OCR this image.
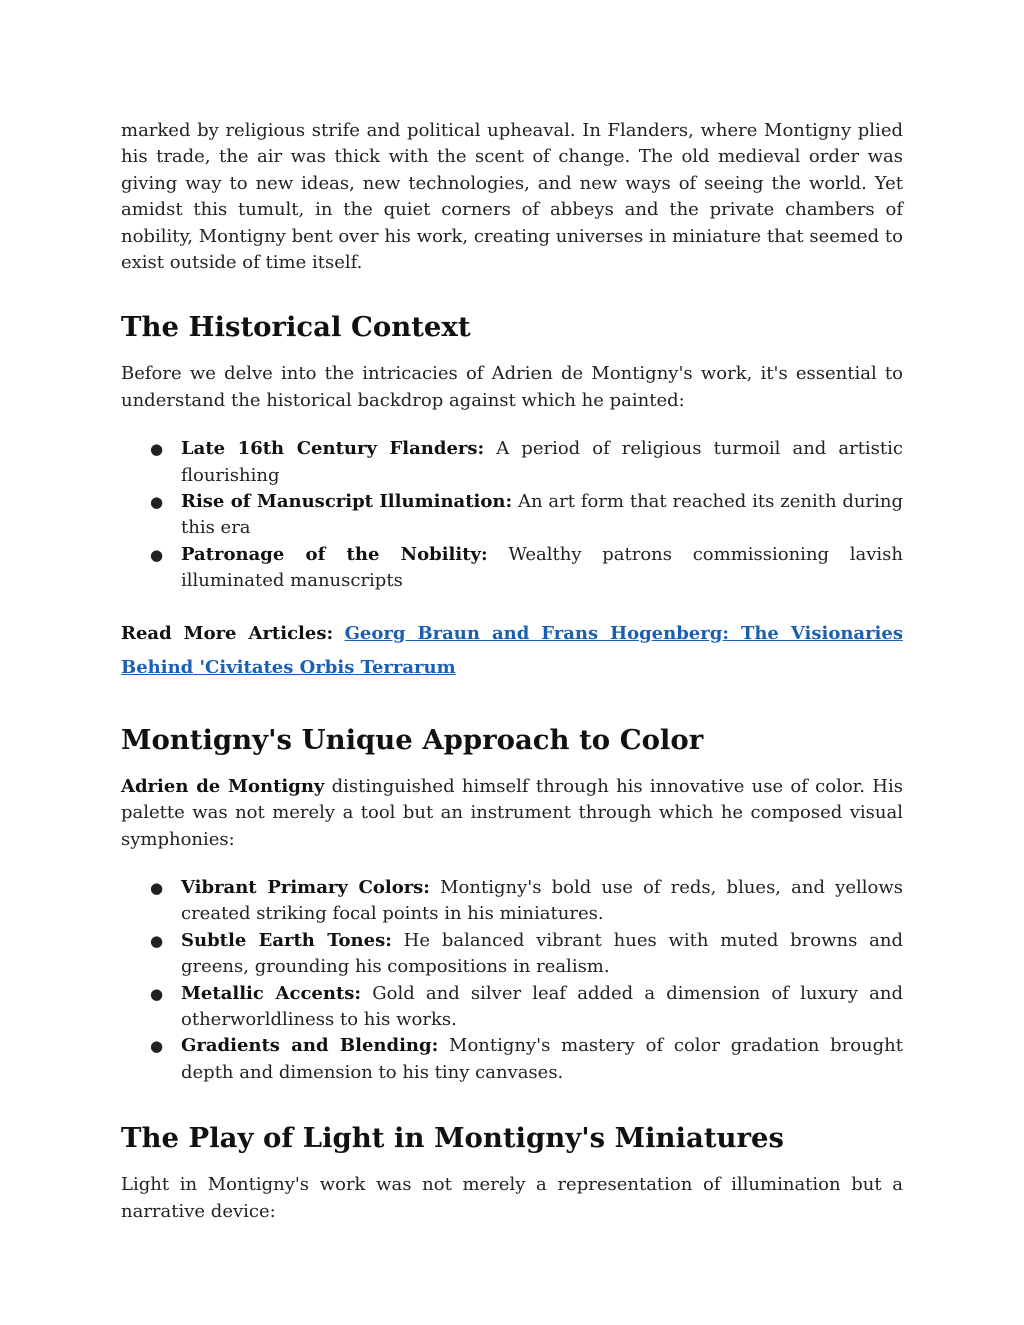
marked by religious strife and political upheaval. In Flanders, where Montigny plied his trade, the air was thick with the scent of change. The old medieval order was giving way to new ideas, new technologies, and new ways of seeing the world. Yet amidst this tumult, in the quiet corners of abbeys and the private chambers of nobility, Montigny bent over his work, creating universes in miniature that seemed to exist outside of time itself.

The Historical Context

Before we delve into the intricacies of Adrien de Montigny's work, it's essential to understand the historical backdrop against which he painted:

● Late 16th Century Flanders: A period of religious turmoil and artistic flourishing
● Rise of Manuscript Illumination: An art form that reached its zenith during this era
● Patronage of the Nobility: Wealthy patrons commissioning lavish illuminated manuscripts

Read More Articles: Georg Braun and Frans Hogenberg: The Visionaries Behind 'Civitates Orbis Terrarum

Montigny's Unique Approach to Color

Adrien de Montigny distinguished himself through his innovative use of color. His palette was not merely a tool but an instrument through which he composed visual symphonies:

● Vibrant Primary Colors: Montigny's bold use of reds, blues, and yellows created striking focal points in his miniatures.
● Subtle Earth Tones: He balanced vibrant hues with muted browns and greens, grounding his compositions in realism.
● Metallic Accents: Gold and silver leaf added a dimension of luxury and otherworldliness to his works.
● Gradients and Blending: Montigny's mastery of color gradation brought depth and dimension to his tiny canvases.
The Play of Light in Montigny's Miniatures

Light in Montigny's work was not merely a representation of illumination but a narrative device:
